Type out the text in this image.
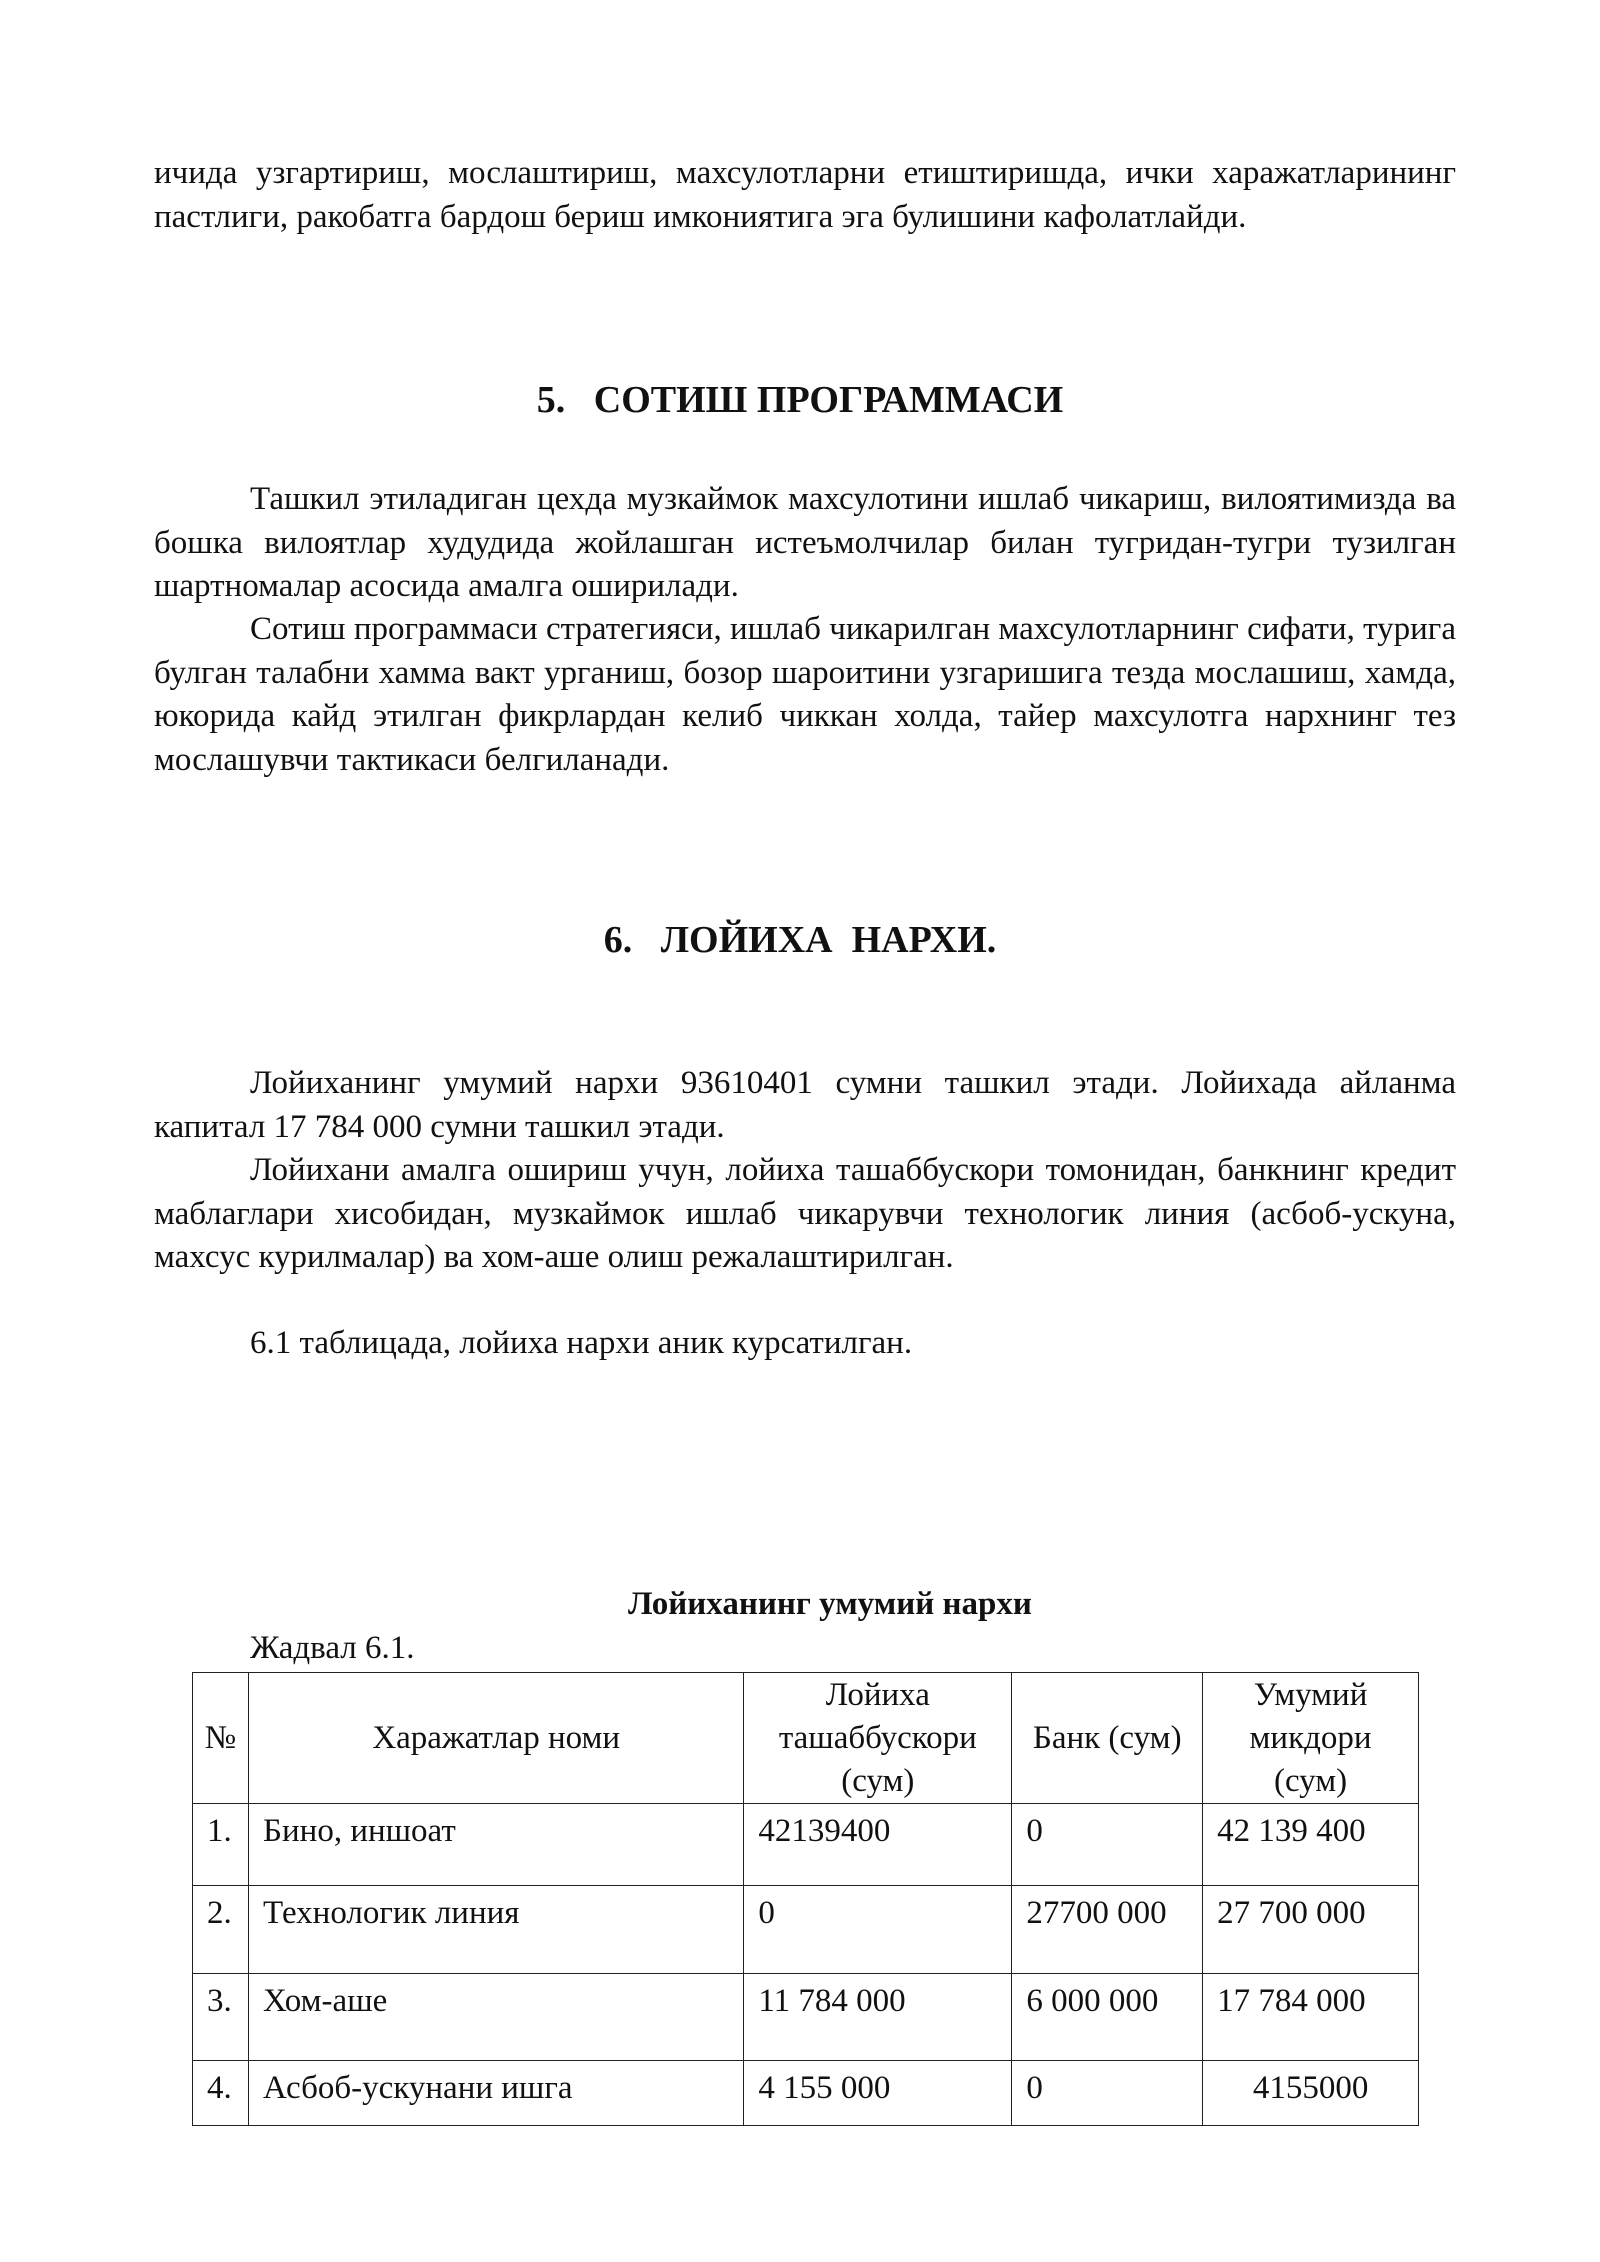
ичида узгартириш, мослаштириш, махсулотларни етиштиришда, ички харажатларининг пастлиги, ракобатга бардош бериш имкониятига эга булишини кафолатлайди.

5.   СОТИШ ПРОГРАММАСИ

Ташкил этиладиган цехда музкаймок махсулотини ишлаб чикариш, вилоятимизда ва бошка вилоятлар худудида жойлашган истеъмолчилар билан тугридан-тугри тузилган шартномалар асосида амалга оширилади.

Сотиш программаси стратегияси, ишлаб чикарилган махсулотларнинг сифати, турига булган талабни хамма вакт урганиш, бозор шароитини узгаришига тезда мослашиш, хамда, юкорида кайд этилган фикрлардан келиб чиккан холда, тайер махсулотга нархнинг тез мослашувчи тактикаси белгиланади.

6.   ЛОЙИХА  НАРХИ.

Лойиханинг умумий нархи 93610401 сумни ташкил этади. Лойихада айланма капитал 17 784 000 сумни ташкил этади.

Лойихани амалга ошириш учун, лойиха ташаббускори томонидан, банкнинг кредит маблаглари хисобидан, музкаймок ишлаб чикарувчи технологик линия (асбоб-ускуна, махсус курилмалар) ва хом-аше олиш режалаштирилган.

6.1 таблицада, лойиха нархи аник курсатилган.

Лойиханинг умумий нархи

Жадвал 6.1.

№	Харажатлар номи	Лойиха ташаббускори (сум)	Банк (сум)	Умумий микдори (сум)
1.	Бино, иншоат	42139400	0	42 139 400
2.	Технологик линия	0	27700 000	27 700 000
3.	Хом-аше	11 784 000	6 000 000	17 784 000
4.	Асбоб-ускунани ишга	4 155 000	0	4155000
